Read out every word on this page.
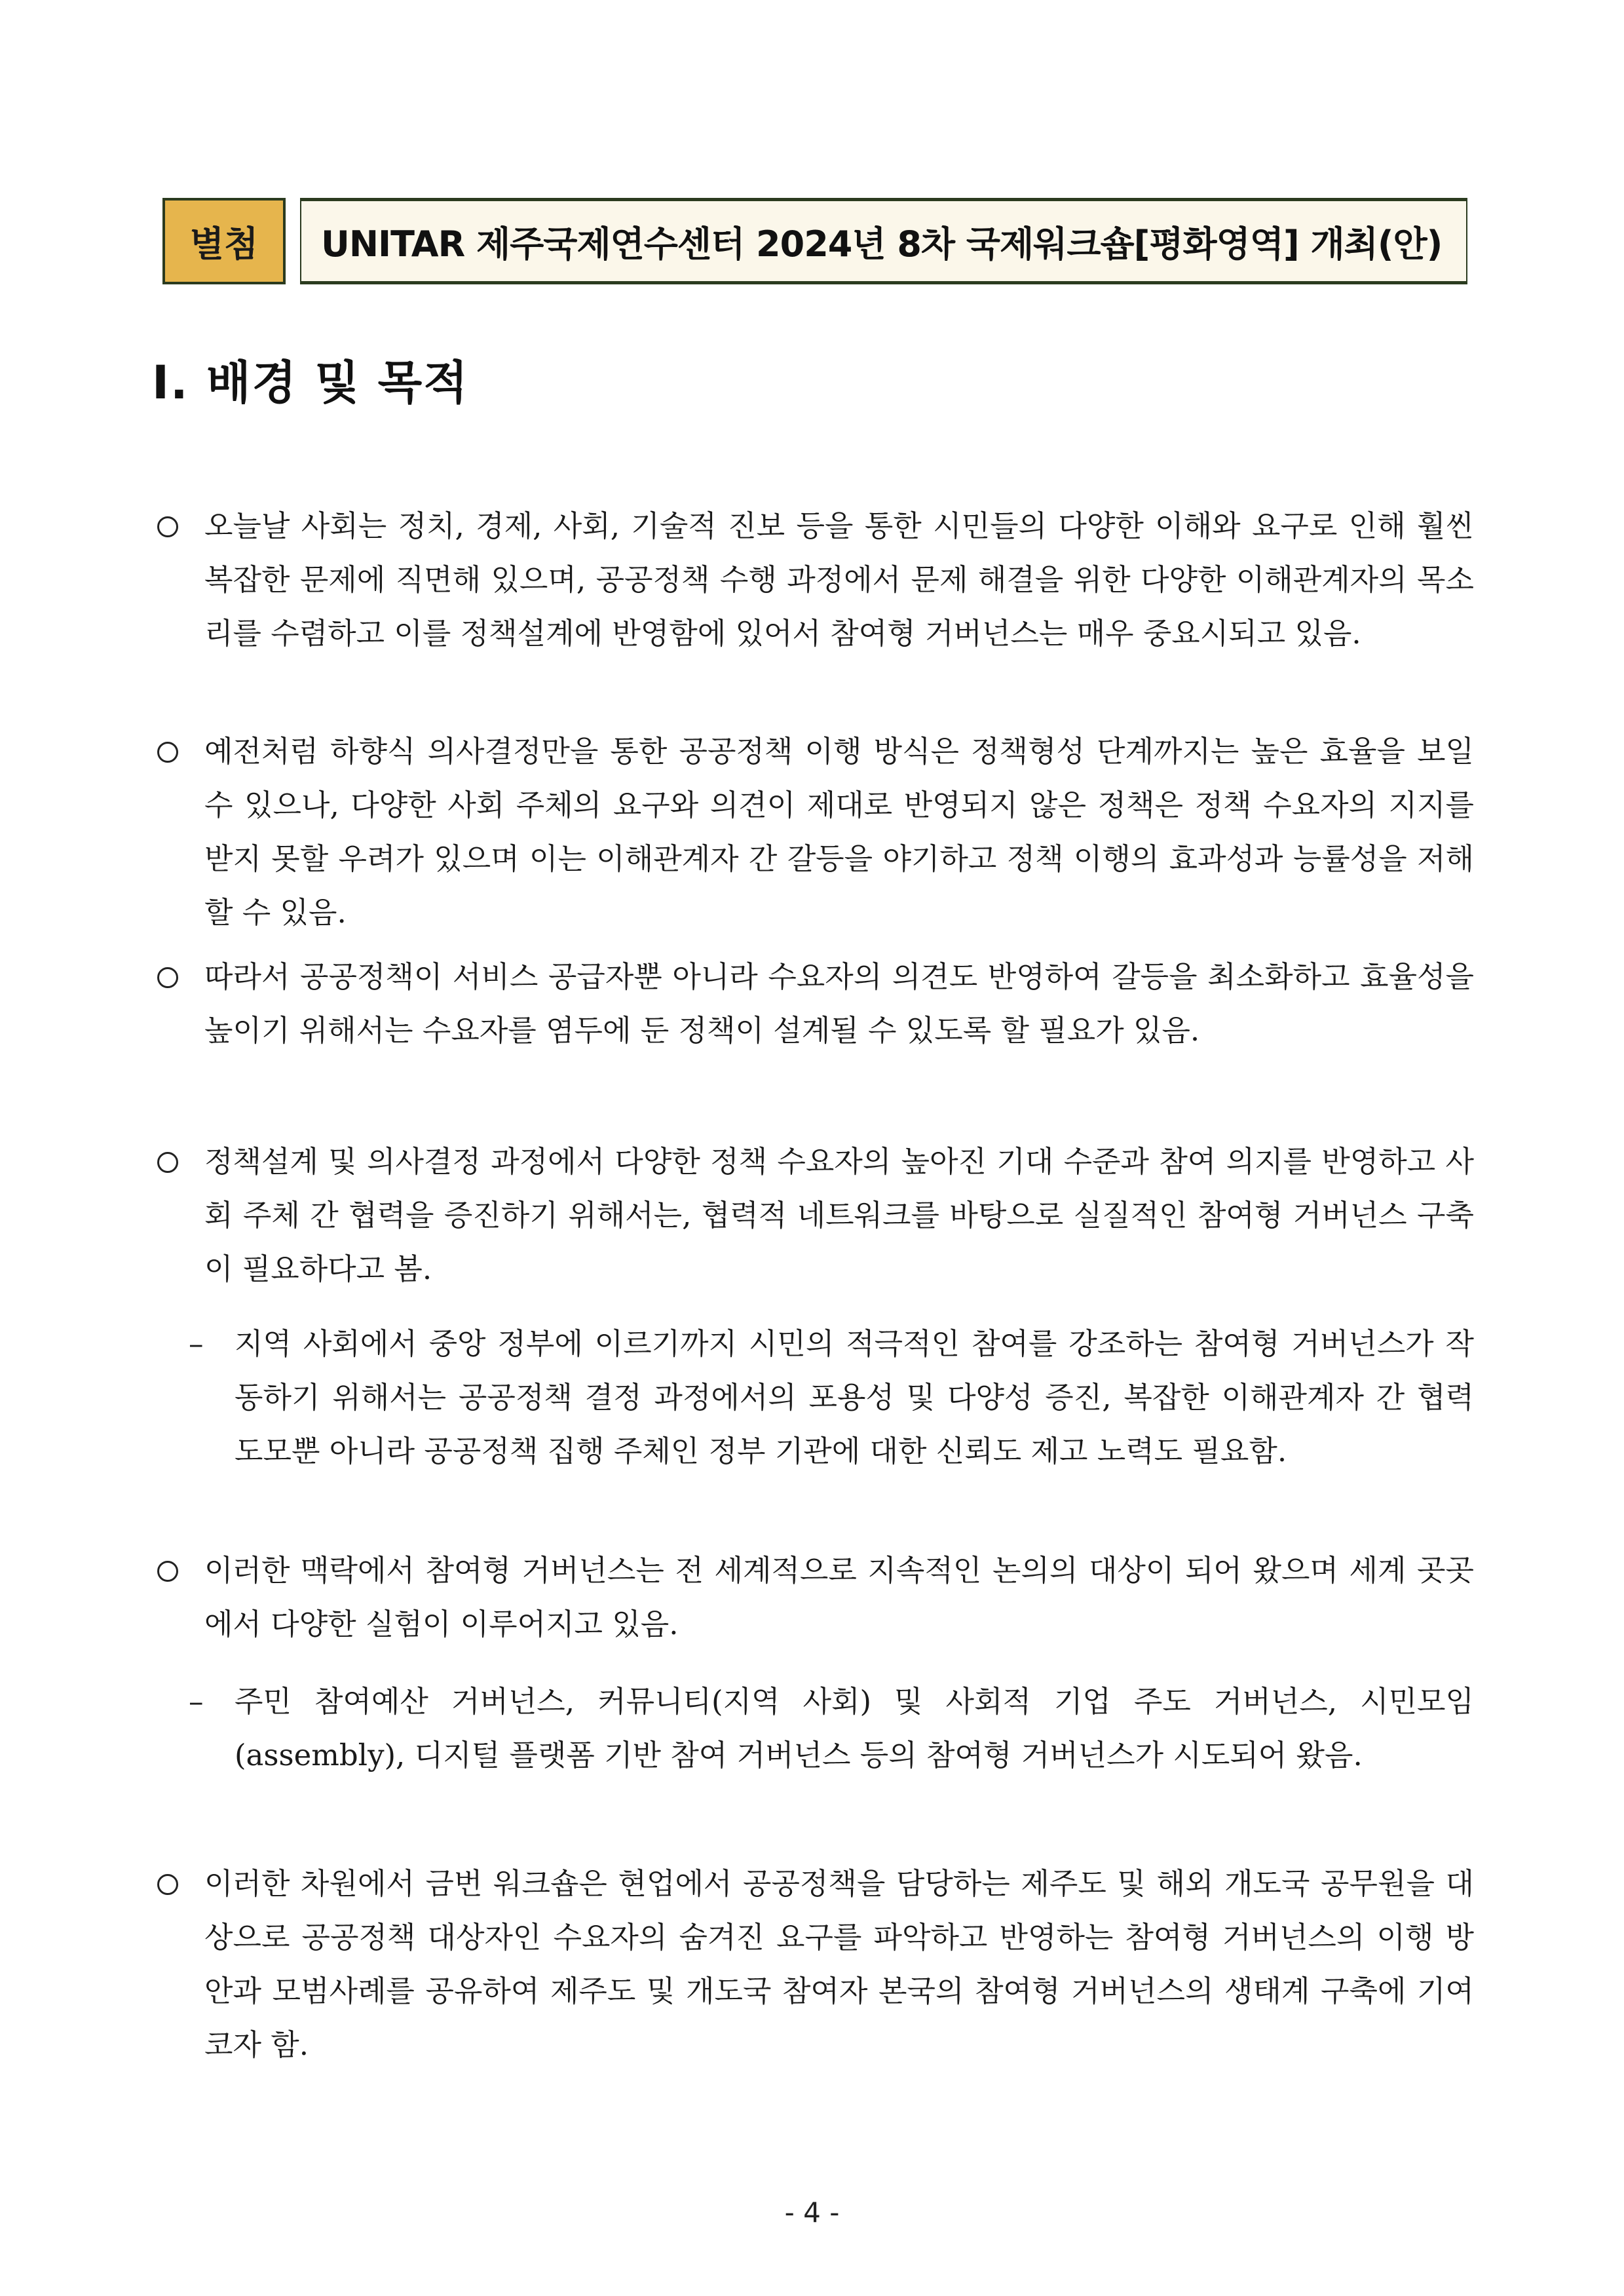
별첨	UNITAR 제주국제연수센터 2024년 8차 국제워크숍[평화영역] 개최(안)
Ⅰ. 배경 및 목적
오늘날 사회는 정치, 경제, 사회, 기술적 진보 등을 통한 시민들의 다양한 이해와 요구로 인해 훨씬 복잡한 문제에 직면해 있으며, 공공정책 수행 과정에서 문제 해결을 위한 다양한 이해관계자의 목소리를 수렴하고 이를 정책설계에 반영함에 있어서 참여형 거버넌스는 매우 중요시되고 있음.
예전처럼 하향식 의사결정만을 통한 공공정책 이행 방식은 정책형성 단계까지는 높은 효율을 보일 수 있으나, 다양한 사회 주체의 요구와 의견이 제대로 반영되지 않은 정책은 정책 수요자의 지지를 받지 못할 우려가 있으며 이는 이해관계자 간 갈등을 야기하고 정책 이행의 효과성과 능률성을 저해할 수 있음.
따라서 공공정책이 서비스 공급자뿐 아니라 수요자의 의견도 반영하여 갈등을 최소화하고 효율성을 높이기 위해서는 수요자를 염두에 둔 정책이 설계될 수 있도록 할 필요가 있음.
정책설계 및 의사결정 과정에서 다양한 정책 수요자의 높아진 기대 수준과 참여 의지를 반영하고 사회 주체 간 협력을 증진하기 위해서는, 협력적 네트워크를 바탕으로 실질적인 참여형 거버넌스 구축이 필요하다고 봄.
–	지역 사회에서 중앙 정부에 이르기까지 시민의 적극적인 참여를 강조하는 참여형 거버넌스가 작동하기 위해서는 공공정책 결정 과정에서의 포용성 및 다양성 증진, 복잡한 이해관계자 간 협력 도모뿐 아니라 공공정책 집행 주체인 정부 기관에 대한 신뢰도 제고 노력도 필요함.
이러한 맥락에서 참여형 거버넌스는 전 세계적으로 지속적인 논의의 대상이 되어 왔으며 세계 곳곳에서 다양한 실험이 이루어지고 있음.
–	주민 참여예산 거버넌스, 커뮤니티(지역 사회) 및 사회적 기업 주도 거버넌스, 시민모임(assembly), 디지털 플랫폼 기반 참여 거버넌스 등의 참여형 거버넌스가 시도되어 왔음.
이러한 차원에서 금번 워크숍은 현업에서 공공정책을 담당하는 제주도 및 해외 개도국 공무원을 대상으로 공공정책 대상자인 수요자의 숨겨진 요구를 파악하고 반영하는 참여형 거버넌스의 이행 방안과 모범사례를 공유하여 제주도 및 개도국 참여자 본국의 참여형 거버넌스의 생태계 구축에 기여코자 함.
- 4 -
